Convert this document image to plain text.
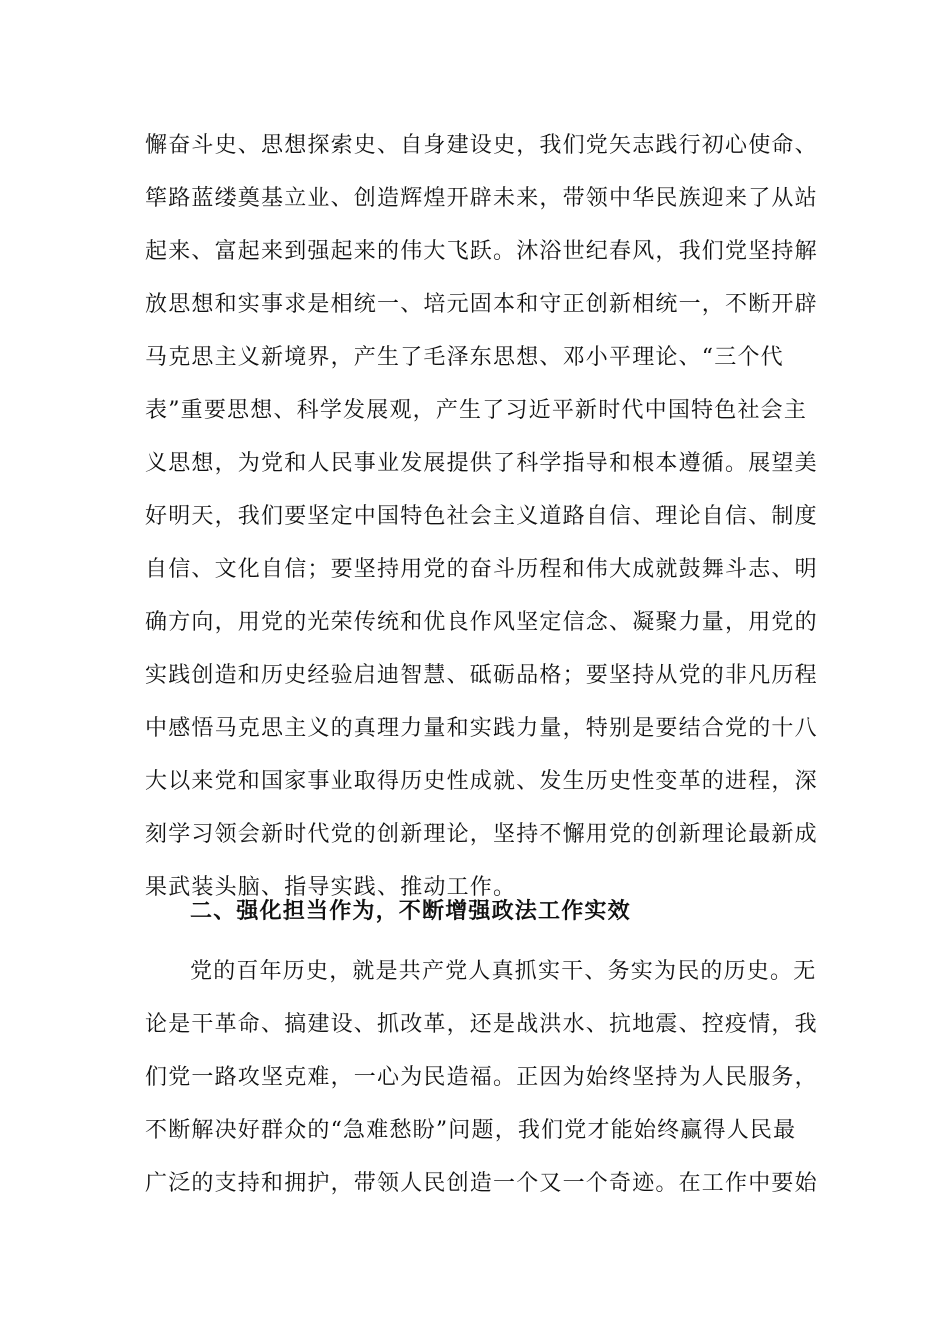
懈奋斗史、思想探索史、自身建设史，我们党矢志践行初心使命、
筚路蓝缕奠基立业、创造辉煌开辟未来，带领中华民族迎来了从站
起来、富起来到强起来的伟大飞跃。沐浴世纪春风，我们党坚持解
放思想和实事求是相统一、培元固本和守正创新相统一，不断开辟
马克思主义新境界，产生了毛泽东思想、邓小平理论、“三个代
表”重要思想、科学发展观，产生了习近平新时代中国特色社会主
义思想，为党和人民事业发展提供了科学指导和根本遵循。展望美
好明天，我们要坚定中国特色社会主义道路自信、理论自信、制度
自信、文化自信；要坚持用党的奋斗历程和伟大成就鼓舞斗志、明
确方向，用党的光荣传统和优良作风坚定信念、凝聚力量，用党的
实践创造和历史经验启迪智慧、砥砺品格；要坚持从党的非凡历程
中感悟马克思主义的真理力量和实践力量，特别是要结合党的十八
大以来党和国家事业取得历史性成就、发生历史性变革的进程，深
刻学习领会新时代党的创新理论，坚持不懈用党的创新理论最新成
果武装头脑、指导实践、推动工作。
二、强化担当作为，不断增强政法工作实效
党的百年历史，就是共产党人真抓实干、务实为民的历史。无
论是干革命、搞建设、抓改革，还是战洪水、抗地震、控疫情，我
们党一路攻坚克难，一心为民造福。正因为始终坚持为人民服务，
不断解决好群众的“急难愁盼”问题，我们党才能始终赢得人民最
广泛的支持和拥护，带领人民创造一个又一个奇迹。在工作中要始
